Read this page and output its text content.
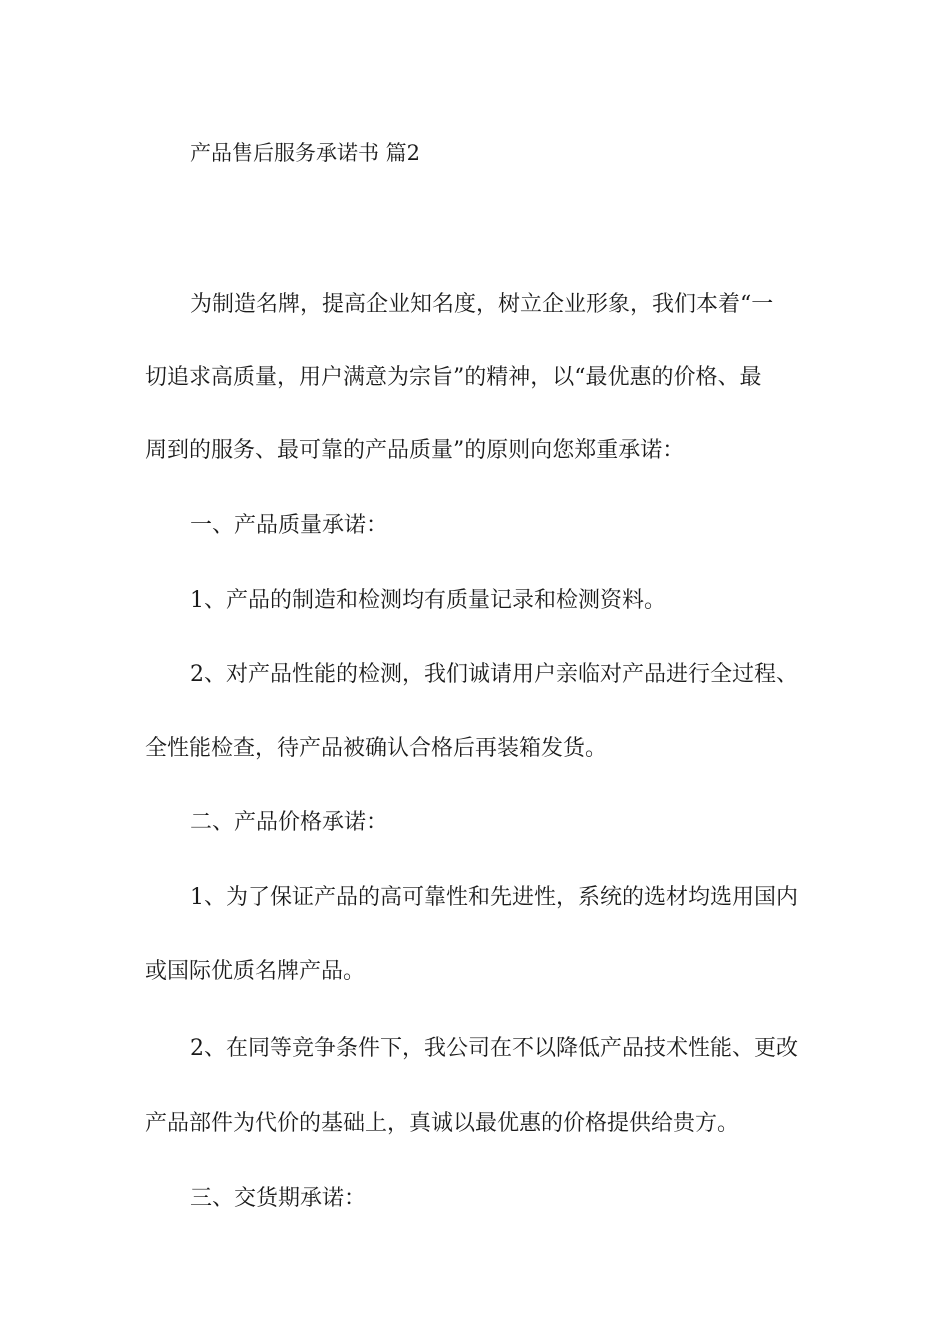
产品售后服务承诺书 篇2
为制造名牌，提高企业知名度，树立企业形象，我们本着“一
切追求高质量，用户满意为宗旨”的精神，以“最优惠的价格、最
周到的服务、最可靠的产品质量”的原则向您郑重承诺：
一、产品质量承诺：
1、产品的制造和检测均有质量记录和检测资料。
2、对产品性能的检测，我们诚请用户亲临对产品进行全过程、
全性能检查，待产品被确认合格后再装箱发货。
二、产品价格承诺：
1、为了保证产品的高可靠性和先进性，系统的选材均选用国内
或国际优质名牌产品。
2、在同等竞争条件下，我公司在不以降低产品技术性能、更改
产品部件为代价的基础上，真诚以最优惠的价格提供给贵方。
三、交货期承诺：
